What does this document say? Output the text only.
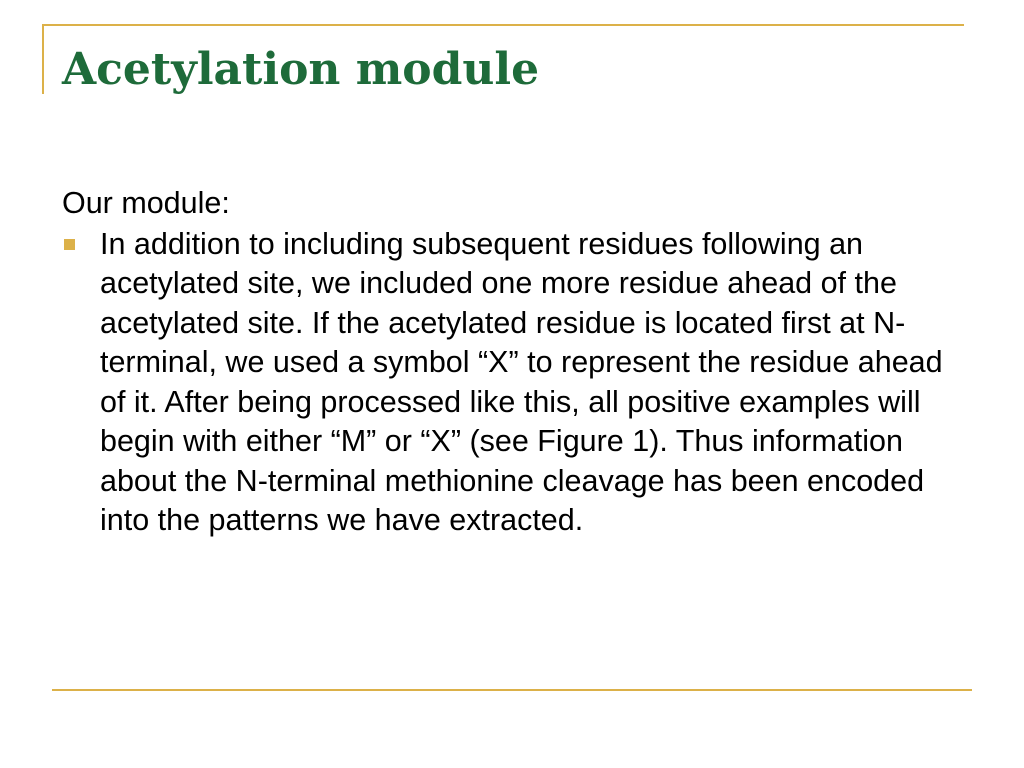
Acetylation module

Our module:

In addition to including subsequent residues following an acetylated site, we included one more residue ahead of the acetylated site. If the acetylated residue is located first at N-terminal, we used a symbol “X” to represent the residue ahead of it. After being processed like this, all positive examples will begin with either “M” or “X” (see Figure 1). Thus information about the N-terminal methionine cleavage has been encoded into the patterns we have extracted.
